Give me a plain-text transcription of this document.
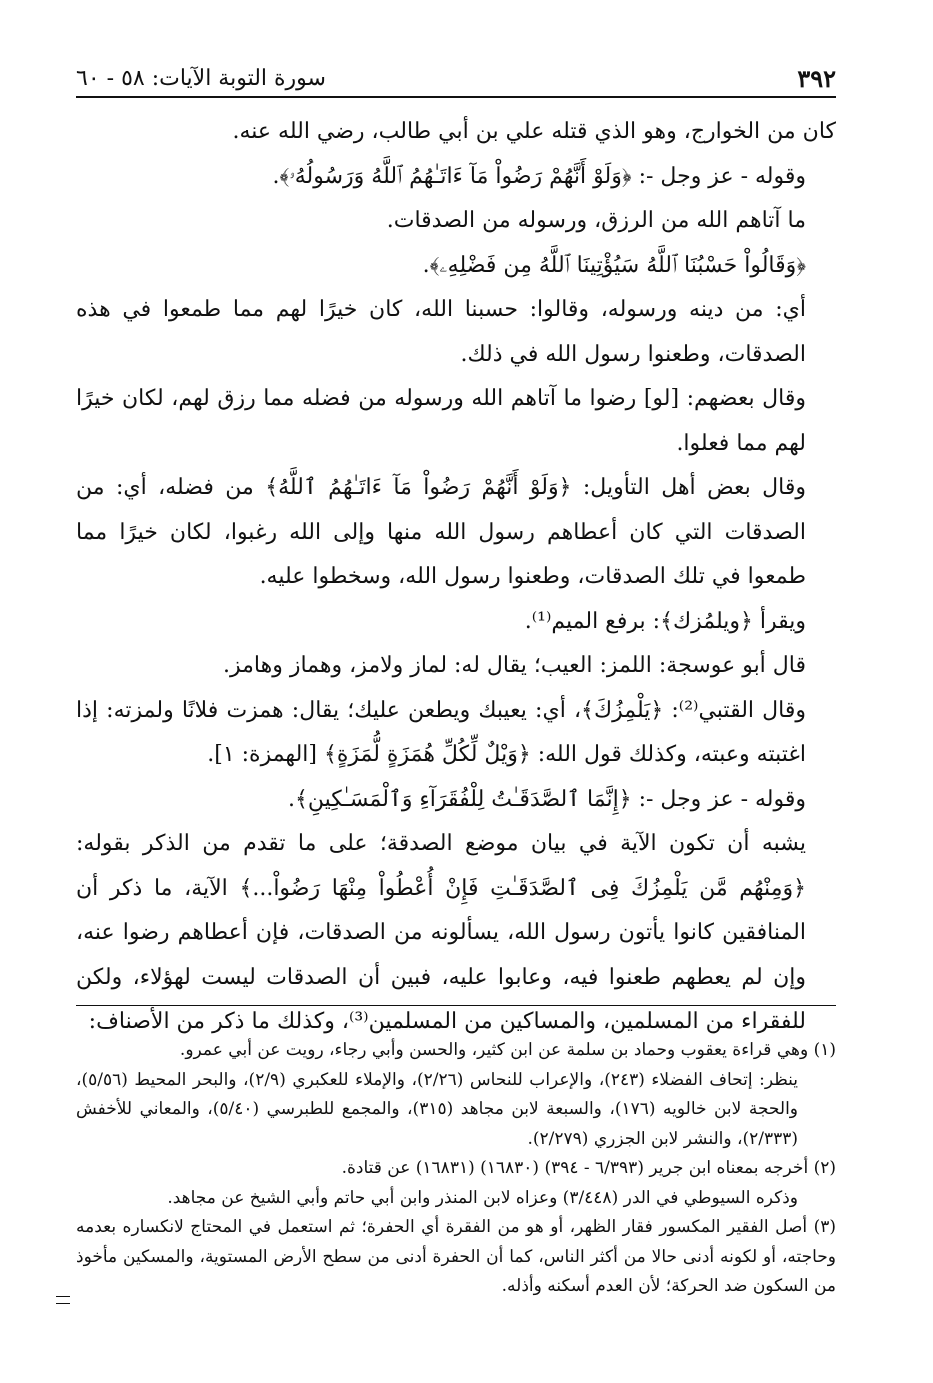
٣٩٢
سورة التوبة الآيات: ٥٨ - ٦٠

كان من الخوارج، وهو الذي قتله علي بن أبي طالب، رضي الله عنه.

وقوله - عز وجل -: ﴿وَلَوْ أَنَّهُمْ رَضُواْ مَآ ءَاتَـٰهُمُ ٱللَّهُ وَرَسُولُهُۥ﴾.

ما آتاهم الله من الرزق، ورسوله من الصدقات.

﴿وَقَالُواْ حَسْبُنَا ٱللَّهُ سَيُؤْتِينَا ٱللَّهُ مِن فَضْلِهِۦ﴾.

أي: من دينه ورسوله، وقالوا: حسبنا الله، كان خيرًا لهم مما طمعوا في هذه الصدقات، وطعنوا رسول الله في ذلك.

وقال بعضهم: [لو] رضوا ما آتاهم الله ورسوله من فضله مما رزق لهم، لكان خيرًا لهم مما فعلوا.

وقال بعض أهل التأويل: ﴿وَلَوْ أَنَّهُمْ رَضُواْ مَآ ءَاتَـٰهُمُ ٱللَّهُ﴾ من فضله، أي: من الصدقات التي كان أعطاهم رسول الله منها وإلى الله رغبوا، لكان خيرًا مما طمعوا في تلك الصدقات، وطعنوا رسول الله، وسخطوا عليه.

ويقرأ ﴿ويلمُزك﴾: برفع الميم⁽¹⁾.

قال أبو عوسجة: اللمز: العيب؛ يقال له: لماز ولامز، وهماز وهامز.

وقال القتبي⁽²⁾: ﴿يَلْمِزُكَ﴾، أي: يعيبك ويطعن عليك؛ يقال: همزت فلانًا ولمزته: إذا اغتبته وعبته، وكذلك قول الله: ﴿وَيْلٌ لِّكُلِّ هُمَزَةٍ لُّمَزَةٍ﴾ [الهمزة: ١].

وقوله - عز وجل -: ﴿إِنَّمَا ٱلصَّدَقَـٰتُ لِلْفُقَرَآءِ وَٱلْمَسَـٰكِينِ﴾.

يشبه أن تكون الآية في بيان موضع الصدقة؛ على ما تقدم من الذكر بقوله: ﴿وَمِنْهُم مَّن يَلْمِزُكَ فِى ٱلصَّدَقَـٰتِ فَإِنْ أُعْطُواْ مِنْهَا رَضُواْ...﴾ الآية، ما ذكر أن المنافقين كانوا يأتون رسول الله، يسألونه من الصدقات، فإن أعطاهم رضوا عنه، وإن لم يعطهم طعنوا فيه، وعابوا عليه، فبين أن الصدقات ليست لهؤلاء، ولكن للفقراء من المسلمين، والمساكين من المسلمين⁽³⁾، وكذلك ما ذكر من الأصناف:

(١) وهي قراءة يعقوب وحماد بن سلمة عن ابن كثير، والحسن وأبي رجاء، رويت عن أبي عمرو.

ينظر: إتحاف الفضلاء (٢٤٣)، والإعراب للنحاس (٢/٢٦)، والإملاء للعكبري (٢/٩)، والبحر المحيط (٥/٥٦)، والحجة لابن خالويه (١٧٦)، والسبعة لابن مجاهد (٣١٥)، والمجمع للطبرسي (٥/٤٠)، والمعاني للأخفش (٢/٣٣٣)، والنشر لابن الجزري (٢/٢٧٩).

(٢) أخرجه بمعناه ابن جرير (٦/٣٩٣ - ٣٩٤) (١٦٨٣٠) (١٦٨٣١) عن قتادة.

وذكره السيوطي في الدر (٣/٤٤٨) وعزاه لابن المنذر وابن أبي حاتم وأبي الشيخ عن مجاهد.

(٣) أصل الفقير المكسور فقار الظهر، أو هو من الفقرة أي الحفرة؛ ثم استعمل في المحتاج لانكساره بعدمه وحاجته، أو لكونه أدنى حالا من أكثر الناس، كما أن الحفرة أدنى من سطح الأرض المستوية، والمسكين مأخوذ من السكون ضد الحركة؛ لأن العدم أسكنه وأذله.
